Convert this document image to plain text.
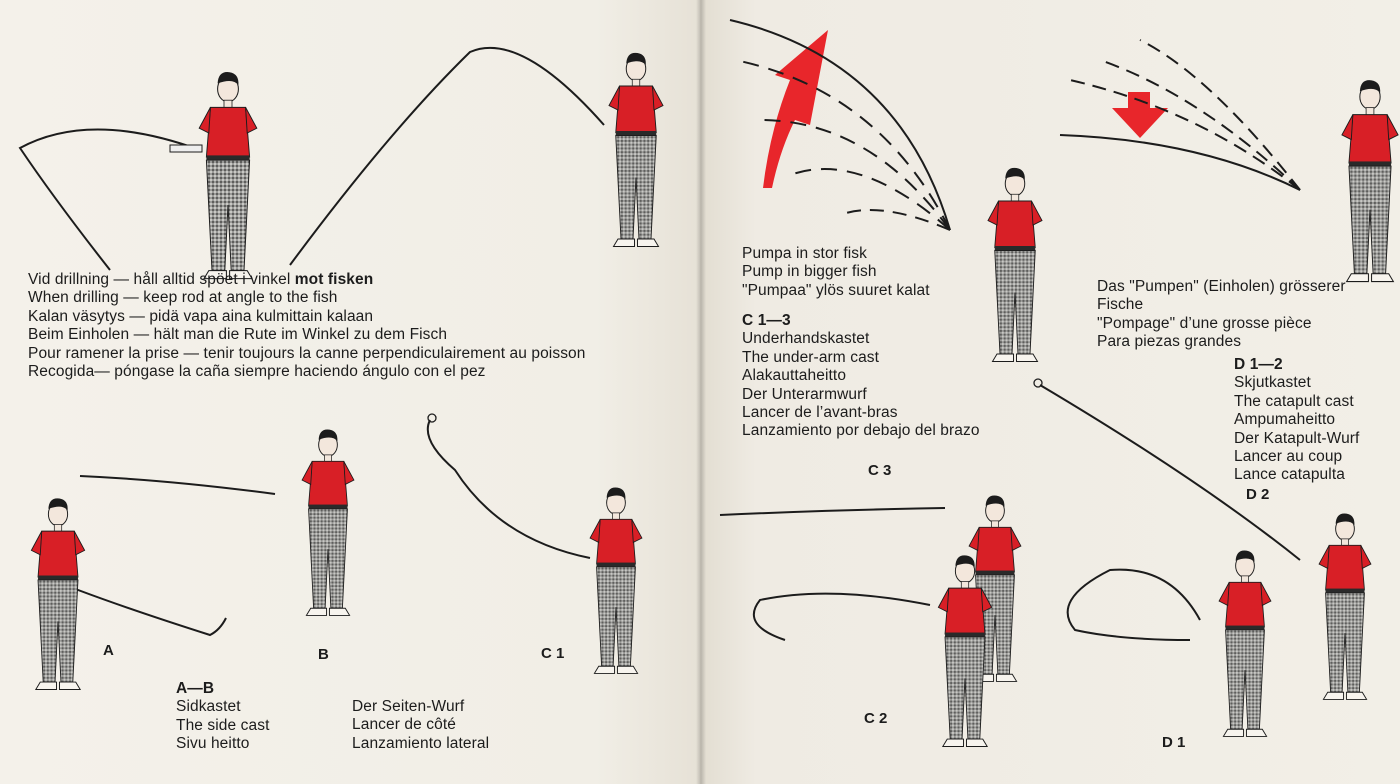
Vid drillning — håll alltid spöet i vinkel mot fisken
When drilling — keep rod at angle to the fish
Kalan väsytys — pidä vapa aina kulmittain kalaan
Beim Einholen — hält man die Rute im Winkel zu dem Fisch
Pour ramener la prise — tenir toujours la canne perpendiculairement au poisson
Recogida— póngase la caña siempre haciendo ángulo con el pez
A	B	C 1
A—B
Sidkastet
The side cast
Sivu heitto
Der Seiten-Wurf
Lancer de côté
Lanzamiento lateral
Pumpa in stor fisk
Pump in bigger fish
"Pumpaa" ylös suuret kalat	Das "Pumpen" (Einholen) grösserer
Fische
"Pompage" d’une grosse pièce
Para piezas grandes
C 1—3
Underhandskastet
The under-arm cast
Alakauttaheitto
Der Unterarmwurf
Lancer de l’avant-bras
Lanzamiento por debajo del brazo
D 1—2
Skjutkastet
The catapult cast
Ampumaheitto
Der Katapult-Wurf
Lancer au coup
Lance catapulta
C 3
D 2
C 2
D 1
